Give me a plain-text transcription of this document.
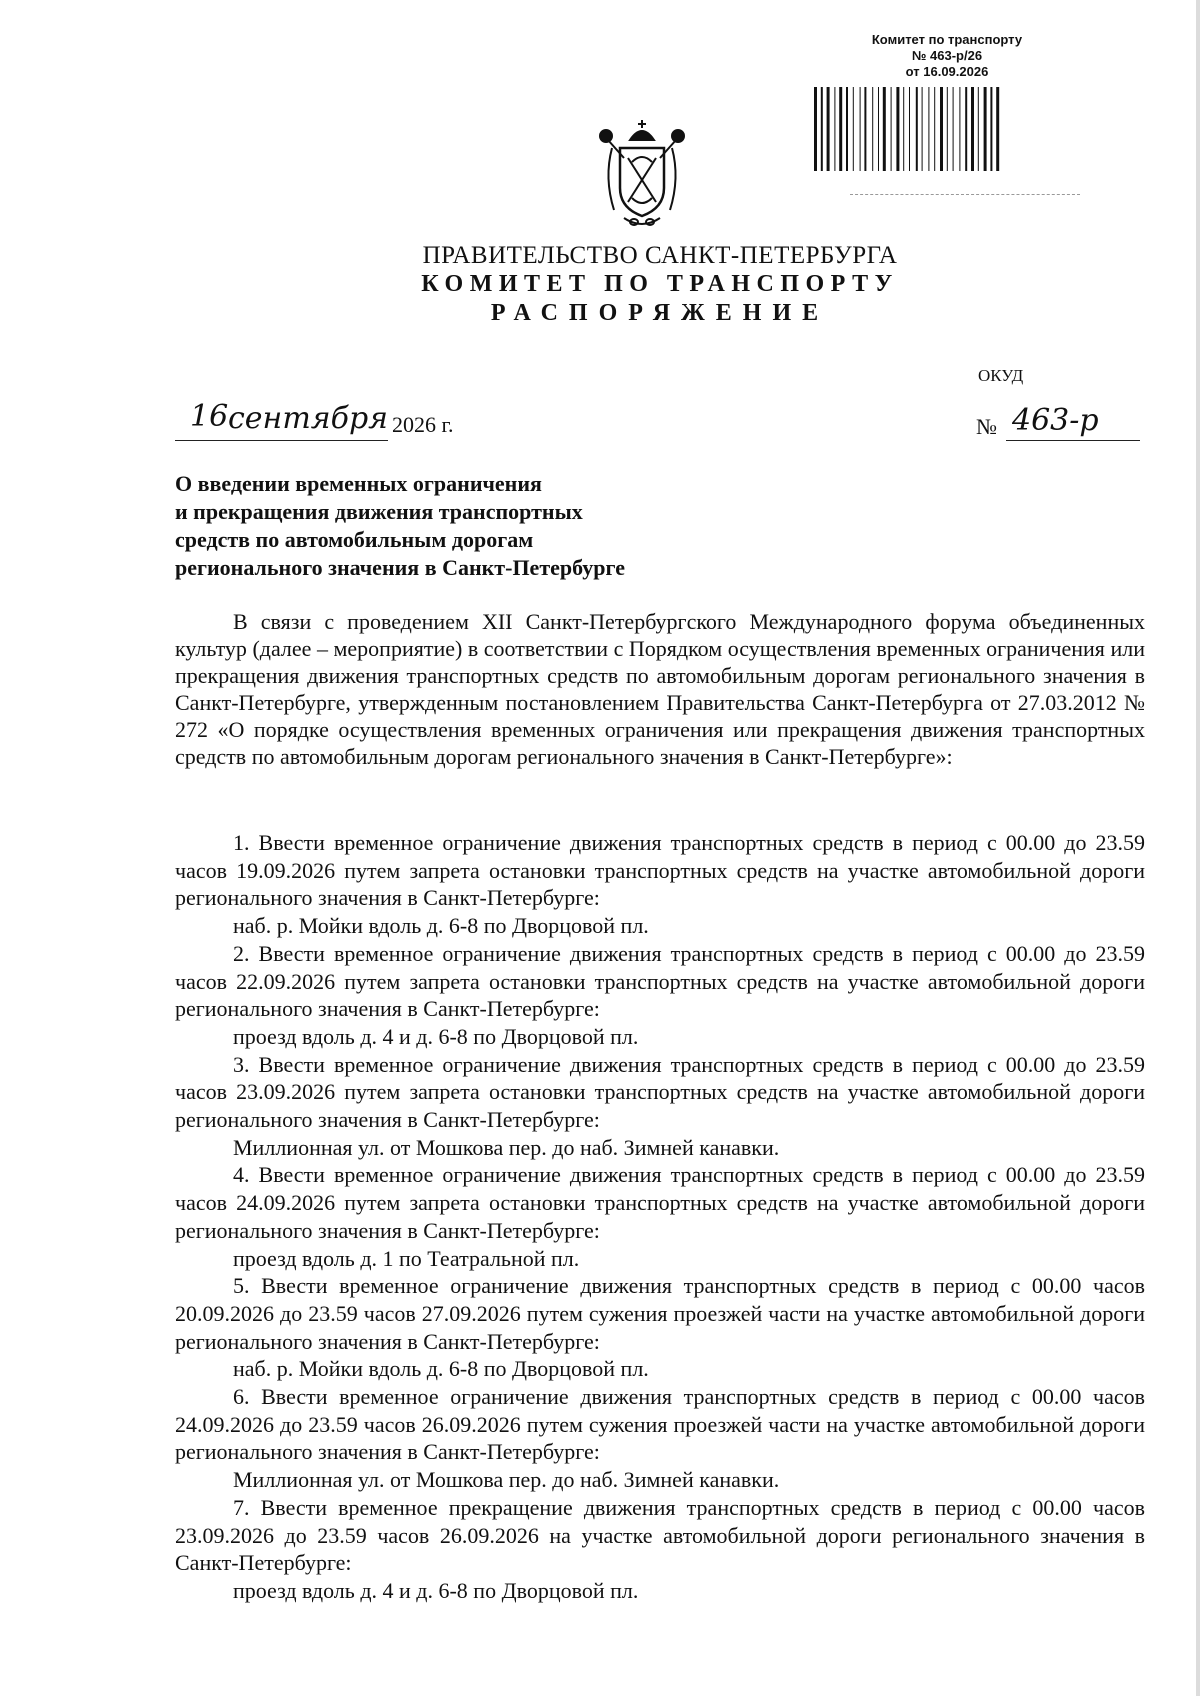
Комитет по транспорту
№ 463-р/26
от 16.09.2026
ПРАВИТЕЛЬСТВО САНКТ-ПЕТЕРБУРГА
КОМИТЕТ ПО ТРАНСПОРТУ
РАСПОРЯЖЕНИЕ
ОКУД
16 сентября 2026 г.	№ 463-р
О введении временных ограничения
и прекращения движения транспортных
средств по автомобильным дорогам
регионального значения в Санкт-Петербурге

В связи с проведением XII Санкт-Петербургского Международного форума объединенных культур (далее – мероприятие) в соответствии с Порядком осуществления временных ограничения или прекращения движения транспортных средств по автомобильным дорогам регионального значения в Санкт-Петербурге, утвержденным постановлением Правительства Санкт-Петербурга от 27.03.2012 № 272 «О порядке осуществления временных ограничения или прекращения движения транспортных средств по автомобильным дорогам регионального значения в Санкт-Петербурге»:

1. Ввести временное ограничение движения транспортных средств в период с 00.00 до 23.59 часов 19.09.2026 путем запрета остановки транспортных средств на участке автомобильной дороги регионального значения в Санкт-Петербурге:

наб. р. Мойки вдоль д. 6-8 по Дворцовой пл.

2. Ввести временное ограничение движения транспортных средств в период с 00.00 до 23.59 часов 22.09.2026 путем запрета остановки транспортных средств на участке автомобильной дороги регионального значения в Санкт-Петербурге:

проезд вдоль д. 4 и д. 6-8 по Дворцовой пл.

3. Ввести временное ограничение движения транспортных средств в период с 00.00 до 23.59 часов 23.09.2026 путем запрета остановки транспортных средств на участке автомобильной дороги регионального значения в Санкт-Петербурге:

Миллионная ул. от Мошкова пер. до наб. Зимней канавки.

4. Ввести временное ограничение движения транспортных средств в период с 00.00 до 23.59 часов 24.09.2026 путем запрета остановки транспортных средств на участке автомобильной дороги регионального значения в Санкт-Петербурге:

проезд вдоль д. 1 по Театральной пл.

5. Ввести временное ограничение движения транспортных средств в период с 00.00 часов 20.09.2026 до 23.59 часов 27.09.2026 путем сужения проезжей части на участке автомобильной дороги регионального значения в Санкт-Петербурге:

наб. р. Мойки вдоль д. 6-8 по Дворцовой пл.

6. Ввести временное ограничение движения транспортных средств в период с 00.00 часов 24.09.2026 до 23.59 часов 26.09.2026 путем сужения проезжей части на участке автомобильной дороги регионального значения в Санкт-Петербурге:

Миллионная ул. от Мошкова пер. до наб. Зимней канавки.

7. Ввести временное прекращение движения транспортных средств в период с 00.00 часов 23.09.2026 до 23.59 часов 26.09.2026 на участке автомобильной дороги регионального значения в Санкт-Петербурге:

проезд вдоль д. 4 и д. 6-8 по Дворцовой пл.
